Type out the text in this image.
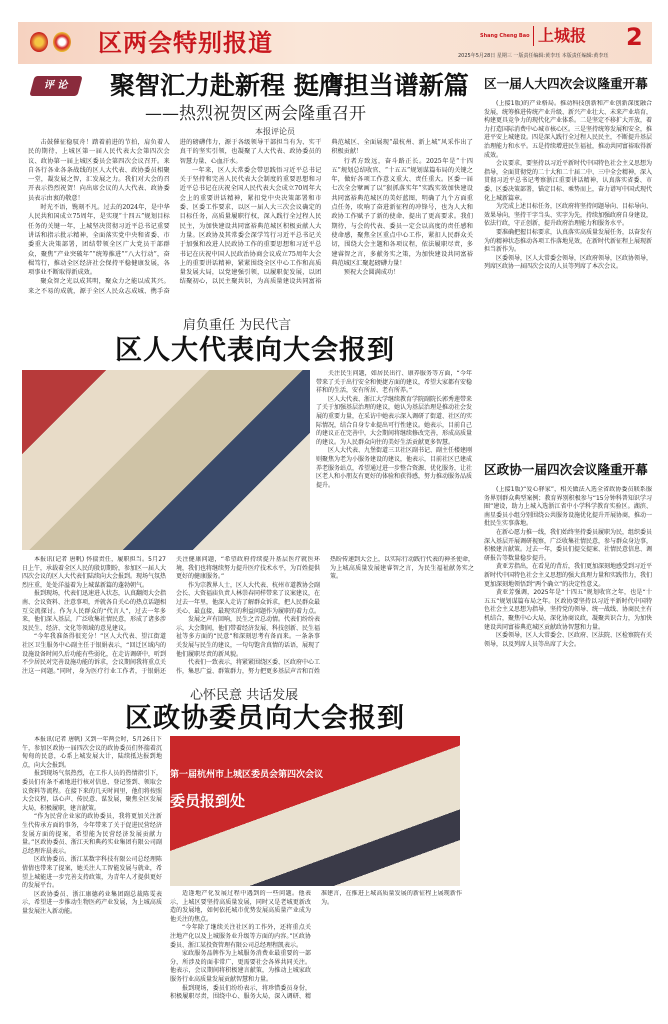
区两会特别报道	Shang Cheng Bao 上城报 2
2025年5月28日 星期三 一版责任编辑:黄李珏 本版责任编辑:黄李珏
评 论	聚智汇力赴新程 挺膺担当谱新篇
——热烈祝贺区两会隆重召开
本报评论员

击鼓催征稳驭舟！踏着前进的节拍，肩负着人民的期待，上城区第一届人民代表大会第四次会议、政协第一届上城区委员会第四次会议召开。来自各行各业各条战线的区人大代表、政协委员相聚一堂，凝发展之智，汇发展之力。我们对大会的召开表示热烈祝贺！向出席会议的人大代表、政协委员表示由衷的敬意！

时光不语，镌刻不凡。过去的2024年，是中华人民共和国成立75周年，是实现“十四五”规划目标任务的关键一年，上城坚决贯彻习近平总书记重要讲话和指示批示精神，全面落实党中央和省委、市委重大决策部署，团结带领全区广大党员干部群众，聚焦“产业突破年”“统筹推进”“八大行动”，奋楫笃行，推动全区经济社会保持平稳健康发展，各项事业不断取得新成效。

聚众智之光以成其明，聚众力之能以成其兴。来之不易的成就，源于全区人民众志成城、携手奋进的磅礴伟力，源于各级领导干部担当有为、实干真干的坚实引领，也凝聚了人大代表、政协委员的智慧力量、心血汗水。

一年来，区人大常委会带思践悟习近平总书记关于坚持和完善人民代表大会制度的重要思想和习近平总书记在庆祝全国人民代表大会成立70周年大会上的重要讲话精神，紧扣党中央决策部署和市委、区委工作要求，以区一届人大三次会议确定的目标任务，高质量履职行权，深入践行全过程人民民主，为加快建设共同富裕典范城区积极贡献人大力量。区政协及其常委会深学笃行习近平总书记关于加强和改进人民政协工作的重要思想和习近平总书记在庆祝中国人民政治协商会议成立75周年大会上的重要讲话精神，紧紧围绕全区中心工作和高质量发展大局，以党建强引领，以履职促发展，以团结聚初心，以民主聚共识，为高质量建设共同富裕典范城区、全面展现“最杭州、新上城”风采作出了积极贡献！

行者方致远，奋斗路正长。2025年是“十四五”规划总结收官、“十五五”规划谋篇布局的关键之年，做好各项工作意义重大、责任重大。区委一届七次全会擘画了以“狠抓落实年”实践实效加快建设共同富裕典范城区的美好蓝图，明确了九个方面重点任务，吹响了奋进新征程的冲锋号，也为人大和政协工作赋予了新的使命、提出了更高要求。我们期待，与会的代表、委员一定会以高度的责任感和使命感，聚焦全区重点中心工作，紧扣人民群众关切，围绕大会主题和各项议程，依法履职尽责，多建睿智之言，多献务实之策，为加快建设共同富裕典范城区汇聚起磅礴力量！

预祝大会圆满成功！

肩负重任 为民代言
区人大代表向大会报到

关注民生问题，如居民出行、康养服务等方面，“今年带来了关于出行安全和便捷方面的建议，希望大家都有安稳祥和的生活，安有所居、老有所养。”

区人大代表、浙江大学继续教育学院副院长郭秀莲带来了关于加强基层治理的建议，她认为基层治理是推动社会发展的重要力量，在采访中她表示深入调研了街道、社区的实际情况，结合自身专业提出可行性建议。她表示，目前自己的建议正在完善中，大会期间将继续修改完善，形成高质量的建议。为人民群众向往的美好生活贡献更多智慧。

区人大代表、九堡街道三卫社区副书记、副主任楼建刚则聚焦为老为小服务建设的建议，他表示，目前社区已建成养老服务站点，希望通过进一步整合资源、优化服务，让社区老人和小朋友有更好的体验和获得感，努力推动服务品质提升。

本报讯(记者 唐帆) 怀揣责任，履职担当。5月27日上午，承载着全区人民的殷切期盼，参加区一届人大四次会议的区人大代表们陆续向大会报到。现场气氛热烈庄重，处处洋溢着为上城谋新篇的蓬勃朝气。

报到现场，代表们迅速进入状态，认真翻阅大会指南、会议资料、注意事项，并就各自关心的热点话题相互交流探讨。作为人民群众的“代言人”，过去一年多来，他们深入基层，广泛收集社情民意，形成了诸多涉及民生、经济、文化等领域的意见建议。

“今年我准备得很充分！”区人大代表、望江街道社区卫生服务中心副主任于银娟表示，“回迁区域内的设施设备时间久后功能有些弱化，在走访调研中，听到不少居民对完善设施功能的诉求，会议期间我将重点关注这一问题。”同时，身为医疗行业工作者，于银娟还关注健康问题，“希望政府持续提升基层医疗就医环境，我们也将继续努力提升医疗技术水平，为百姓提供更好的健康服务。”

作为宗教界人士，区人大代表、杭州市道教协会副会长、大资福庙负责人林崇春同样带来了议案建议，在过去一年里，他深入走访了解群众诉求，把人民群众最关心、最直接、最现实的利益问题作为履职的着力点。

发展之声有回响，民生之音总动情。代表们纷纷表示，大会期间，他们带着经济发展、科技创新、民生福祉等多方面的“民意”和深刻思考有备而来。一条条事关发展与民生的建议，一句句饱含真情的话语，展现了他们履职尽责的新风貌。

代表们一致表示，将紧紧围绕区委、区政府中心工作，集思广益、群策群力，努力把更多基层声音和百姓热盼传递到大会上，以实际行动践行代表的神圣使命，为上城高质量发展建睿智之言，为民生福祉献务实之策。

心怀民意 共话发展
区政协委员向大会报到

本报讯(记者 唐帆) 又到一年两会时，5月26日下午，参加区政协一届四次会议的政协委员们怀揣着沉甸甸的民意，心系上城发展大计，陆续抵达报到地点，向大会报到。

报到现场气氛热烈，在工作人员的热情指引下，委员们有条不紊地进行核对信息、登记签到、领取会议资料等流程。在接下来的几天时间里，他们将按照大会议程，话心声、传民意、谋发展，聚焦全区发展大局，积极履职，建言献策。

“作为民营企业家的政协委员，我将更加关注新生代传承方面的事务，今年带来了关于促进民营经济发展方面的提案，希望能为民营经济发展贡献力量。”区政协委员、浙江天和典药实业集团有限公司副总经理许晨表示。

区政协委员、浙江某数字科技有限公司总经理陈倩倩也带来了提案，她关注人工智能发展与就业，希望上城能进一步完善支持政策，为青年人才提供更好的发展平台。

区政协委员、浙江康德药业集团副总裁陈雯表示，希望进一步推动生物医药产业发展，为上城高质量发展注入新动能。

第一届杭州市上城区委员会第四次会议
委员报到处

适逢地产化发展过程中遇到的一些问题。他表示，上城区要坚持高质量发展，同时又是老城更新改造的发展地，如何依托城市优势发展高质量产业成为他关注的焦点。

“今年除了继续关注社区的工作外，还将重点关注地产化以及上城服务业升级等方面的内容。”区政协委员、浙江某投资管理有限公司总经理程凯表示。

家政服务品牌作为上城服务消费业最重要的一部分，所涉及的面非常广，更需要社会各界共同关注。他表示，会议期间将积极建言献策，为推动上城家政服务行业高质量发展贡献智慧和力量。

报到现场，委员们纷纷表示，将珍惜委员身份，积极履职尽责，围绕中心、服务大局，深入调研、精准建言，在推进上城高质量发展的新征程上展现新作为。

区一届人大四次会议隆重开幕

(上接1版)的产业格局。推动科技创新和产业创新深度融合发展，统筹推进传统产业升级、新兴产业壮大、未来产业培育，构建更具竞争力的现代化产业体系。二是坚定不移扩大开放，着力打造国际消费中心城市核心区。三是坚持统筹发展和安全，推进平安上城建设。四是深入践行全过程人民民主，不断提升基层治理能力和水平。五是持续增进民生福祉，推动共同富裕取得新成效。

会议要求，要坚持以习近平新时代中国特色社会主义思想为指导，全面贯彻党的二十大和二十届二中、三中全会精神，深入贯彻习近平总书记考察浙江重要讲话精神，认真落实省委、市委、区委决策部署，锚定目标、乘势而上，奋力谱写中国式现代化上城新篇章。

为完成上述目标任务，区政府将坚持问题导向、目标导向、效果导向，坚持干字当头、实字为先，持续加强政府自身建设，依法行政，守正创新，提升政府治理能力和服务水平。

要准确把握目标要求，认真落实高质量发展任务，以奋发有为的精神状态推动各项工作落地见效，在新时代新征程上展现新担当新作为。

区委领导，区人大常委会领导，区政府领导，区政协领导，列席区政协一届四次会议的人员等列席了本次会议。

区政协一届四次会议隆重开幕

(上接1版)“爱心驿家”，相关做法入选全省政协委员联系服务界别群众典型案例；教育界别积极参与“15分钟科普知识学习圈”建设，助力上城入选浙江省中小学科学教育实验区。湖滨、南星委员小组分别围绕公共服务设施优化提升开展协商，推动一批民生实事落地。

在新心愿力推一线，我们始终坚持委员履职为民，组织委员深入基层开展调研视察，广泛收集社情民意，参与群众身边事，积极建言献策。过去一年，委员们提交提案、社情民意信息、调研报告等数量稳步提升。

黄亚芳指出，在看见的背后，我们更加深刻地感受到习近平新时代中国特色社会主义思想的强大真理力量和实践伟力，我们更加深刻地领悟到“两个确立”的决定性意义。

黄亚芳强调，2025年是“十四五”规划收官之年，也是“十五五”规划谋篇布局之年。区政协要坚持以习近平新时代中国特色社会主义思想为指导，坚持党的领导、统一战线、协商民主有机结合，聚焦中心大局，深化协商议政，凝聚共识合力，为加快建设共同富裕典范城区贡献政协智慧和力量。

区委领导，区人大常委会、区政府、区法院、区检察院有关领导，以及列席人员等出席了大会。
